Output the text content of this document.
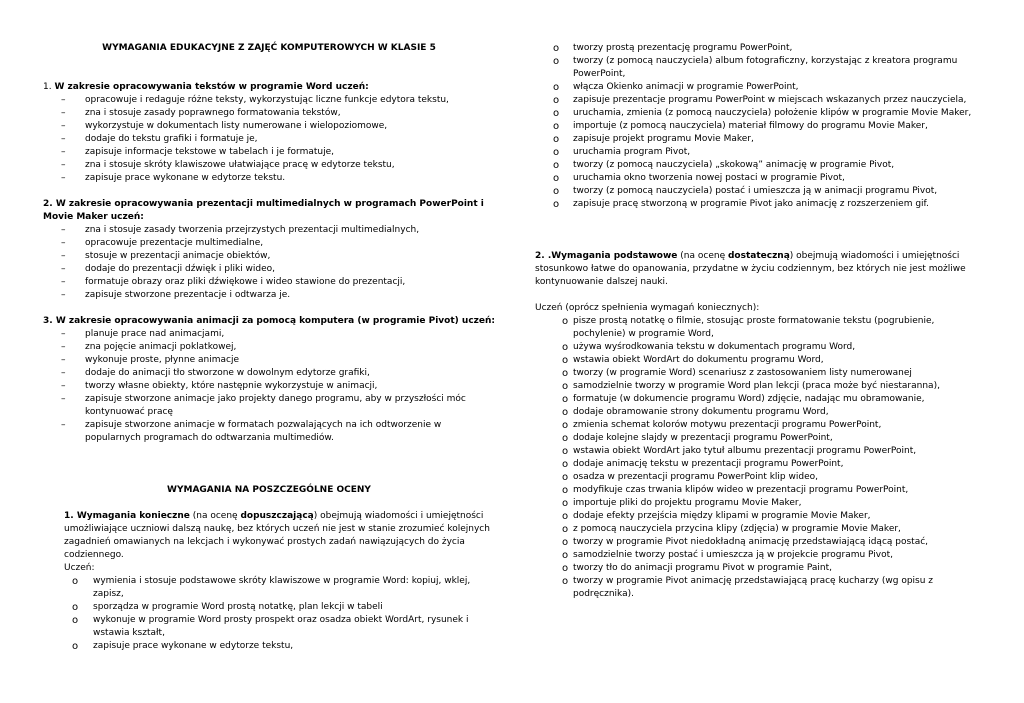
WYMAGANIA EDUKACYJNE Z ZAJĘĆ KOMPUTEROWYCH W KLASIE 5

1. W zakresie opracowywania tekstów w programie Word uczeń:

– opracowuje i redaguje różne teksty, wykorzystując liczne funkcje edytora tekstu,
– zna i stosuje zasady poprawnego formatowania tekstów,
– wykorzystuje w dokumentach listy numerowane i wielopoziomowe,
– dodaje do tekstu grafiki i formatuje je,
– zapisuje informacje tekstowe w tabelach i je formatuje,
– zna i stosuje skróty klawiszowe ułatwiające pracę w edytorze tekstu,
– zapisuje prace wykonane w edytorze tekstu.

2. W zakresie opracowywania prezentacji multimedialnych w programach PowerPoint i Movie Maker uczeń:

– zna i stosuje zasady tworzenia przejrzystych prezentacji multimedialnych,
– opracowuje prezentacje multimedialne,
– stosuje w prezentacji animacje obiektów,
– dodaje do prezentacji dźwięk i pliki wideo,
– formatuje obrazy oraz pliki dźwiękowe i wideo stawione do prezentacji,
– zapisuje stworzone prezentacje i odtwarza je.

3. W zakresie opracowywania animacji za pomocą komputera (w programie Pivot) uczeń:

– planuje prace nad animacjami,
– zna pojęcie animacji poklatkowej,
– wykonuje proste, płynne animacje
– dodaje do animacji tło stworzone w dowolnym edytorze grafiki,
– tworzy własne obiekty, które następnie wykorzystuje w animacji,
– zapisuje stworzone animacje jako projekty danego programu, aby w przyszłości móc kontynuować pracę
– zapisuje stworzone animacje w formatach pozwalających na ich odtworzenie w popularnych programach do odtwarzania multimediów.
WYMAGANIA NA POSZCZEGÓLNE OCENY

1. Wymagania konieczne (na ocenę dopuszczającą) obejmują wiadomości i umiejętności umożliwiające uczniowi dalszą naukę, bez których uczeń nie jest w stanie zrozumieć kolejnych zagadnień omawianych na lekcjach i wykonywać prostych zadań nawiązujących do życia codziennego.

Uczeń:

o wymienia i stosuje podstawowe skróty klawiszowe w programie Word: kopiuj, wklej, zapisz,
o sporządza w programie Word prostą notatkę, plan lekcji w tabeli
o wykonuje w programie Word prosty prospekt oraz osadza obiekt WordArt, rysunek i wstawia kształt,
o zapisuje prace wykonane w edytorze tekstu,
o tworzy prostą prezentację programu PowerPoint,
o tworzy (z pomocą nauczyciela) album fotograficzny, korzystając z kreatora programu PowerPoint,
o włącza Okienko animacji w programie PowerPoint,
o zapisuje prezentacje programu PowerPoint w miejscach wskazanych przez nauczyciela,
o uruchamia, zmienia (z pomocą nauczyciela) położenie klipów w programie Movie Maker,
o importuje (z pomocą nauczyciela) materiał filmowy do programu Movie Maker,
o zapisuje projekt programu Movie Maker,
o uruchamia program Pivot,
o tworzy (z pomocą nauczyciela) „skokową” animację w programie Pivot,
o uruchamia okno tworzenia nowej postaci w programie Pivot,
o tworzy (z pomocą nauczyciela) postać i umieszcza ją w animacji programu Pivot,
o zapisuje pracę stworzoną w programie Pivot jako animację z rozszerzeniem gif.

2. .Wymagania podstawowe (na ocenę dostateczną) obejmują wiadomości i umiejętności stosunkowo łatwe do opanowania, przydatne w życiu codziennym, bez których nie jest możliwe kontynuowanie dalszej nauki.

Uczeń (oprócz spełnienia wymagań koniecznych):

o pisze prostą notatkę o filmie, stosując proste formatowanie tekstu (pogrubienie, pochylenie) w programie Word,
o używa wyśrodkowania tekstu w dokumentach programu Word,
o wstawia obiekt WordArt do dokumentu programu Word,
o tworzy (w programie Word) scenariusz z zastosowaniem listy numerowanej
o samodzielnie tworzy w programie Word plan lekcji (praca może być niestaranna),
o formatuje (w dokumencie programu Word) zdjęcie, nadając mu obramowanie,
o dodaje obramowanie strony dokumentu programu Word,
o zmienia schemat kolorów motywu prezentacji programu PowerPoint,
o dodaje kolejne slajdy w prezentacji programu PowerPoint,
o wstawia obiekt WordArt jako tytuł albumu prezentacji programu PowerPoint,
o dodaje animację tekstu w prezentacji programu PowerPoint,
o osadza w prezentacji programu PowerPoint klip wideo,
o modyfikuje czas trwania klipów wideo w prezentacji programu PowerPoint,
o importuje pliki do projektu programu Movie Maker,
o dodaje efekty przejścia między klipami w programie Movie Maker,
o z pomocą nauczyciela przycina klipy (zdjęcia) w programie Movie Maker,
o tworzy w programie Pivot niedokładną animację przedstawiającą idącą postać,
o samodzielnie tworzy postać i umieszcza ją w projekcie programu Pivot,
o tworzy tło do animacji programu Pivot w programie Paint,
o tworzy w programie Pivot animację przedstawiającą pracę kucharzy (wg opisu z podręcznika).
